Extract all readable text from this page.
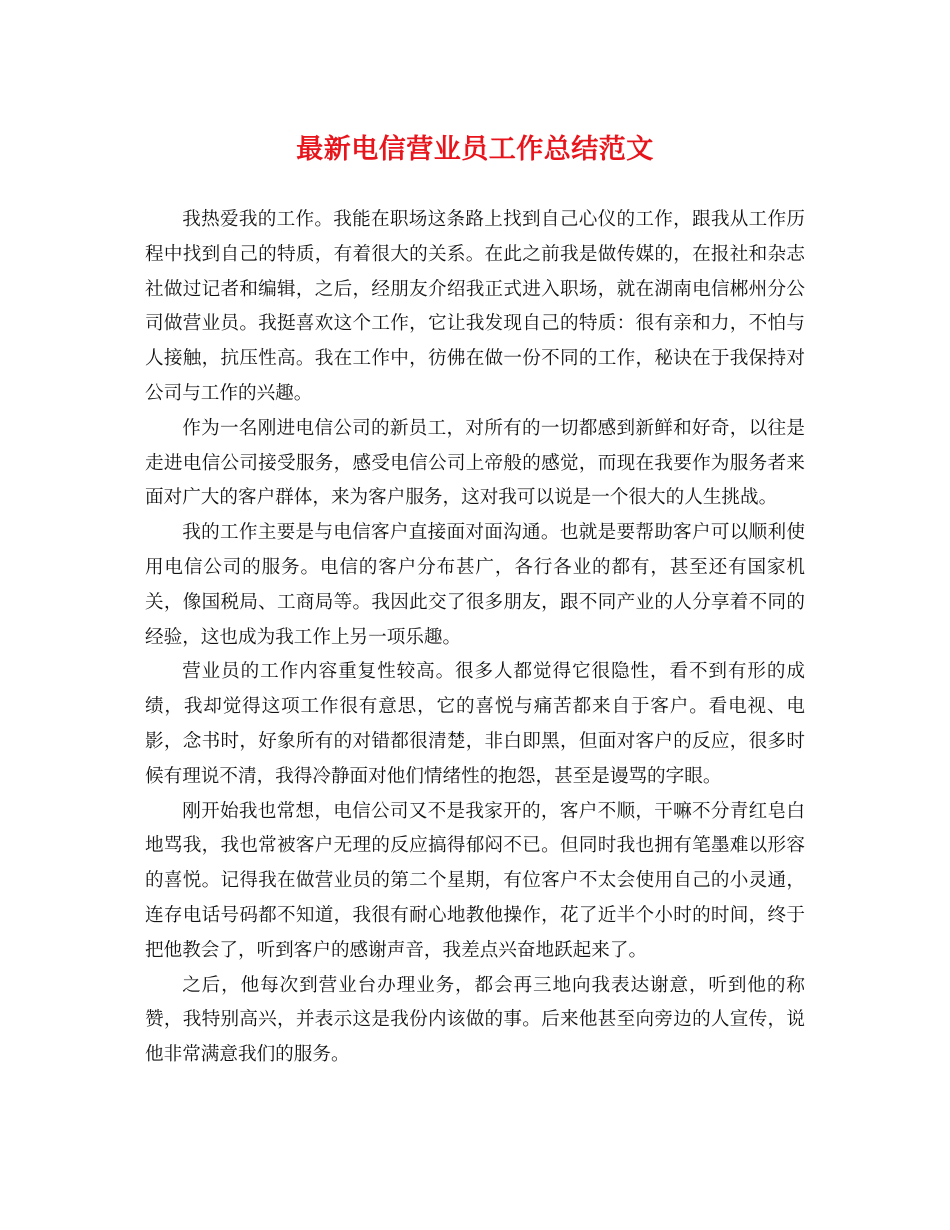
最新电信营业员工作总结范文

我热爱我的工作。我能在职场这条路上找到自己心仪的工作，跟我从工作历程中找到自己的特质，有着很大的关系。在此之前我是做传媒的，在报社和杂志社做过记者和编辑，之后，经朋友介绍我正式进入职场，就在湖南电信郴州分公司做营业员。我挺喜欢这个工作，它让我发现自己的特质：很有亲和力，不怕与人接触，抗压性高。我在工作中，彷佛在做一份不同的工作，秘诀在于我保持对公司与工作的兴趣。

作为一名刚进电信公司的新员工，对所有的一切都感到新鲜和好奇，以往是走进电信公司接受服务，感受电信公司上帝般的感觉，而现在我要作为服务者来面对广大的客户群体，来为客户服务，这对我可以说是一个很大的人生挑战。

我的工作主要是与电信客户直接面对面沟通。也就是要帮助客户可以顺利使用电信公司的服务。电信的客户分布甚广，各行各业的都有，甚至还有国家机关，像国税局、工商局等。我因此交了很多朋友，跟不同产业的人分享着不同的经验，这也成为我工作上另一项乐趣。

营业员的工作内容重复性较高。很多人都觉得它很隐性，看不到有形的成绩，我却觉得这项工作很有意思，它的喜悦与痛苦都来自于客户。看电视、电影，念书时，好象所有的对错都很清楚，非白即黑，但面对客户的反应，很多时候有理说不清，我得冷静面对他们情绪性的抱怨，甚至是谩骂的字眼。

刚开始我也常想，电信公司又不是我家开的，客户不顺，干嘛不分青红皂白地骂我，我也常被客户无理的反应搞得郁闷不已。但同时我也拥有笔墨难以形容的喜悦。记得我在做营业员的第二个星期，有位客户不太会使用自己的小灵通，连存电话号码都不知道，我很有耐心地教他操作，花了近半个小时的时间，终于把他教会了，听到客户的感谢声音，我差点兴奋地跃起来了。

之后，他每次到营业台办理业务，都会再三地向我表达谢意，听到他的称赞，我特别高兴，并表示这是我份内该做的事。后来他甚至向旁边的人宣传，说他非常满意我们的服务。
